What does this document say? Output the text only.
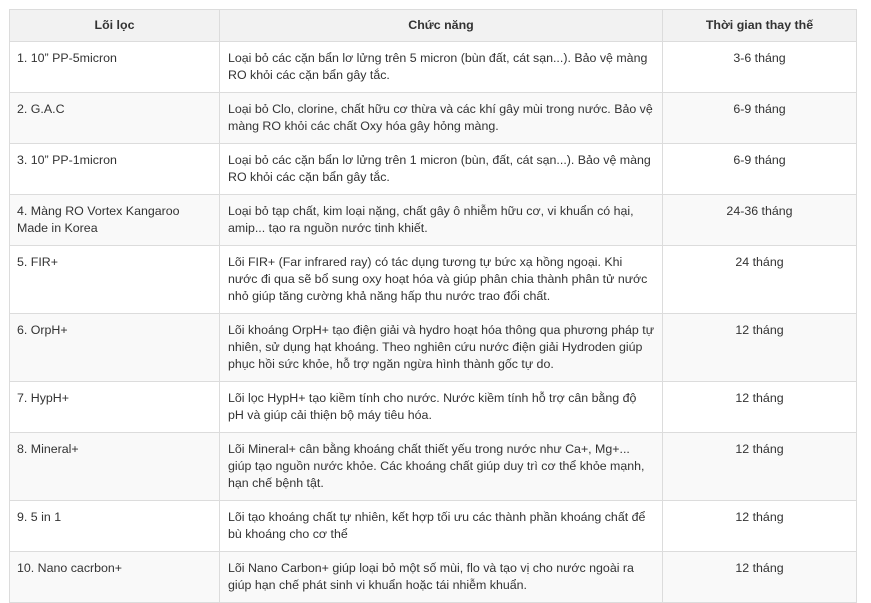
Lõi lọc	Chức năng	Thời gian thay thế
1. 10” PP-5micron	Loại bỏ các cặn bẩn lơ lửng trên 5 micron (bùn đất, cát sạn...). Bảo vệ màng RO khỏi các cặn bẩn gây tắc.	3-6 tháng
2. G.A.C	Loại bỏ Clo, clorine, chất hữu cơ thừa và các khí gây mùi trong nước. Bảo vệ màng RO khỏi các chất Oxy hóa gây hỏng màng.	6-9 tháng
3. 10” PP-1micron	Loại bỏ các cặn bẩn lơ lửng trên 1 micron (bùn, đất, cát sạn...). Bảo vệ màng RO khỏi các cặn bẩn gây tắc.	6-9 tháng
4. Màng RO Vortex Kangaroo Made in Korea	Loại bỏ tạp chất, kim loại nặng, chất gây ô nhiễm hữu cơ, vi khuẩn có hại, amip... tạo ra nguồn nước tinh khiết.	24-36 tháng
5. FIR+	Lõi FIR+ (Far infrared ray) có tác dụng tương tự bức xạ hồng ngoại. Khi nước đi qua sẽ bổ sung oxy hoạt hóa và giúp phân chia thành phân tử nước nhỏ giúp tăng cường khả năng hấp thu nước trao đổi chất.	24 tháng
6. OrpH+	Lõi khoáng OrpH+ tạo điện giải và hydro hoạt hóa thông qua phương pháp tự nhiên, sử dụng hạt khoáng. Theo nghiên cứu nước điện giải Hydroden giúp phục hồi sức khỏe, hỗ trợ ngăn ngừa hình thành gốc tự do.	12 tháng
7. HypH+	Lõi lọc HypH+ tạo kiềm tính cho nước. Nước kiềm tính hỗ trợ cân bằng độ pH và giúp cải thiện bộ máy tiêu hóa.	12 tháng
8. Mineral+	Lõi Mineral+ cân bằng khoáng chất thiết yếu trong nước như Ca+, Mg+... giúp tạo nguồn nước khỏe. Các khoáng chất giúp duy trì cơ thể khỏe mạnh, hạn chế bệnh tật.	12 tháng
9. 5 in 1	Lõi tạo khoáng chất tự nhiên, kết hợp tối ưu các thành phần khoáng chất để bù khoáng cho cơ thể	12 tháng
10. Nano cacrbon+	Lõi Nano Carbon+ giúp loại bỏ một số mùi, flo và tạo vị cho nước ngoài ra giúp hạn chế phát sinh vi khuẩn hoặc tái nhiễm khuẩn.	12 tháng
